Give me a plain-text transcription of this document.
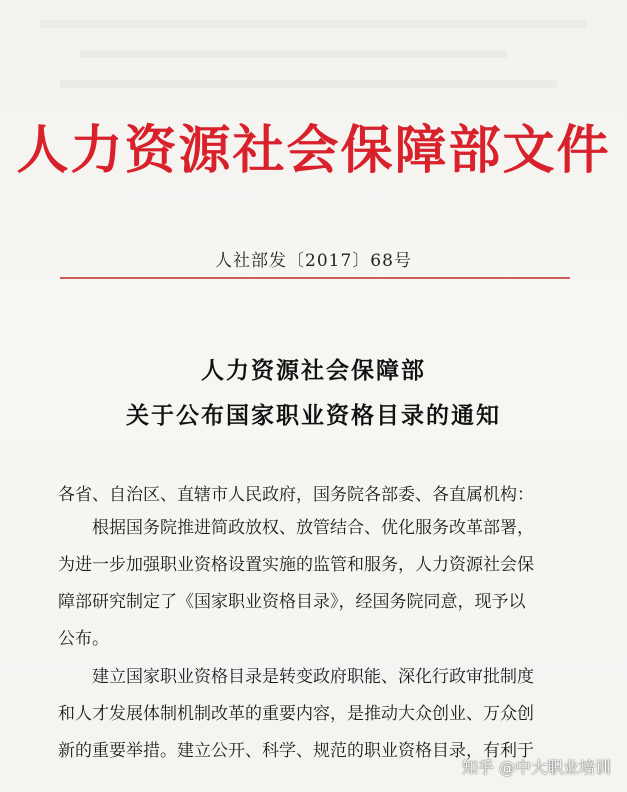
人力资源社会保障部文件
人社部发〔2017〕68号
人力资源社会保障部
关于公布国家职业资格目录的通知
各省、自治区、直辖市人民政府，国务院各部委、各直属机构：
根据国务院推进简政放权、放管结合、优化服务改革部署，
为进一步加强职业资格设置实施的监管和服务，人力资源社会保
障部研究制定了《国家职业资格目录》，经国务院同意，现予以
公布。
建立国家职业资格目录是转变政府职能、深化行政审批制度
和人才发展体制机制改革的重要内容，是推动大众创业、万众创
新的重要举措。建立公开、科学、规范的职业资格目录，有利于
知乎 @中大职业培训
